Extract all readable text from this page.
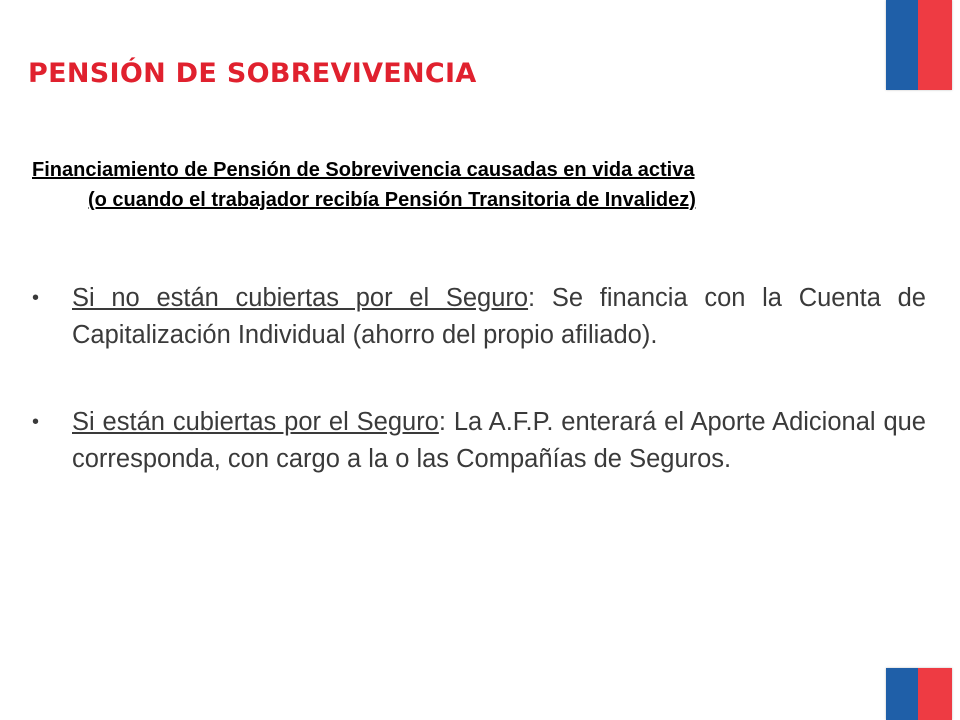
PENSIÓN DE SOBREVIVENCIA
Financiamiento de Pensión de Sobrevivencia causadas en vida activa
(o cuando el trabajador recibía Pensión Transitoria de Invalidez)
•	Si no están cubiertas por el Seguro: Se financia con la Cuenta de Capitalización Individual (ahorro del propio afiliado).
•	Si están cubiertas por el Seguro: La A.F.P. enterará el Aporte Adicional que corresponda, con cargo a la o las Compañías de Seguros.
